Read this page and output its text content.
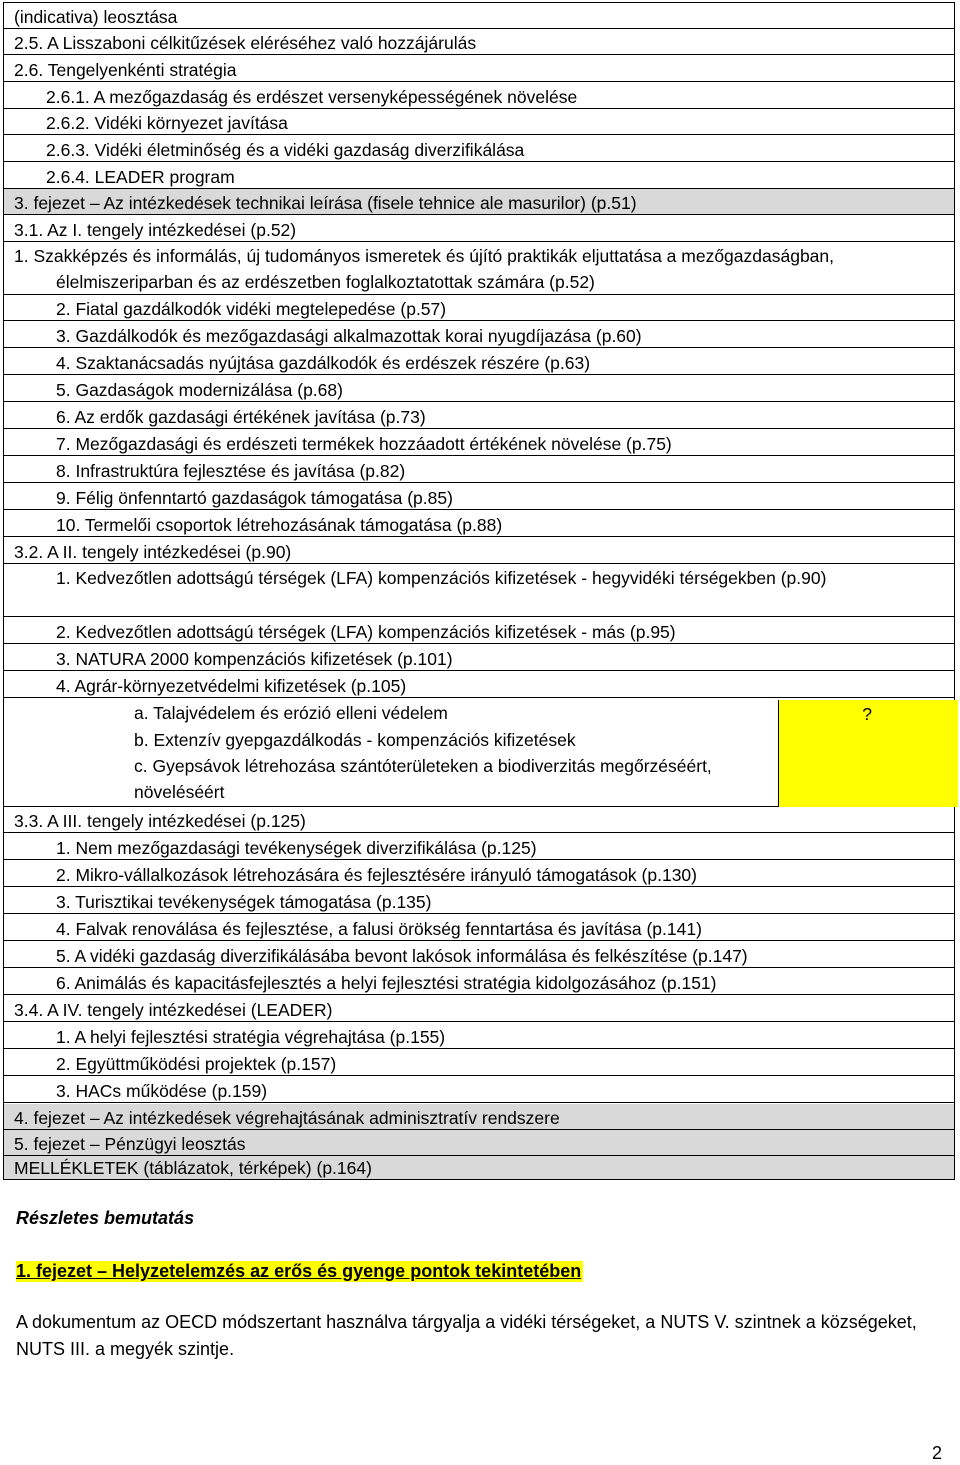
(indicativa) leosztása
2.5. A Lisszaboni célkitűzések eléréséhez való hozzájárulás
2.6. Tengelyenkénti stratégia
2.6.1. A mezőgazdaság és erdészet versenyképességének növelése
2.6.2. Vidéki környezet javítása
2.6.3. Vidéki életminőség és a vidéki gazdaság diverzifikálása
2.6.4. LEADER program
3. fejezet – Az intézkedések technikai leírása (fisele tehnice ale masurilor) (p.51)
3.1. Az I. tengely intézkedései (p.52)
1. Szakképzés és informálás, új tudományos ismeretek és újító praktikák eljuttatása a mezőgazdaságban, élelmiszeriparban és az erdészetben foglalkoztatottak számára (p.52)
2. Fiatal gazdálkodók vidéki megtelepedése (p.57)
3. Gazdálkodók és mezőgazdasági alkalmazottak korai nyugdíjazása (p.60)
4. Szaktanácsadás nyújtása gazdálkodók és erdészek részére (p.63)
5. Gazdaságok modernizálása (p.68)
6. Az erdők gazdasági értékének javítása (p.73)
7. Mezőgazdasági és erdészeti termékek hozzáadott értékének növelése (p.75)
8. Infrastruktúra fejlesztése és javítása (p.82)
9. Félig önfenntartó gazdaságok támogatása (p.85)
10. Termelői csoportok létrehozásának támogatása (p.88)
3.2. A II. tengely intézkedései (p.90)
1. Kedvezőtlen adottságú térségek (LFA) kompenzációs kifizetések - hegyvidéki térségekben (p.90)
2. Kedvezőtlen adottságú térségek (LFA) kompenzációs kifizetések - más (p.95)
3. NATURA 2000 kompenzációs kifizetések (p.101)
4. Agrár-környezetvédelmi kifizetések (p.105)
a. Talajvédelem és erózió elleni védelem
b. Extenzív gyepgazdálkodás - kompenzációs kifizetések
c. Gyepsávok létrehozása szántóterületeken a biodiverzitás megőrzéséért, növeléséért
?
3.3. A III. tengely intézkedései (p.125)
1. Nem mezőgazdasági tevékenységek diverzifikálása (p.125)
2. Mikro-vállalkozások létrehozására és fejlesztésére irányuló támogatások (p.130)
3. Turisztikai tevékenységek támogatása (p.135)
4. Falvak renoválása és fejlesztése, a falusi örökség fenntartása és javítása (p.141)
5. A vidéki gazdaság diverzifikálásába bevont lakósok informálása és felkészítése (p.147)
6. Animálás és kapacitásfejlesztés a helyi fejlesztési stratégia kidolgozásához (p.151)
3.4. A IV. tengely intézkedései (LEADER)
1. A helyi fejlesztési stratégia végrehajtása (p.155)
2. Együttműködési projektek (p.157)
3. HACs működése (p.159)
4. fejezet – Az intézkedések végrehajtásának adminisztratív rendszere
5. fejezet – Pénzügyi leosztás
MELLÉKLETEK (táblázatok, térképek) (p.164)
Részletes bemutatás
1. fejezet – Helyzetelemzés az erős és gyenge pontok tekintetében
A dokumentum az OECD módszertant használva tárgyalja a vidéki térségeket, a NUTS V. szintnek a községeket, NUTS III. a megyék szintje.
2
